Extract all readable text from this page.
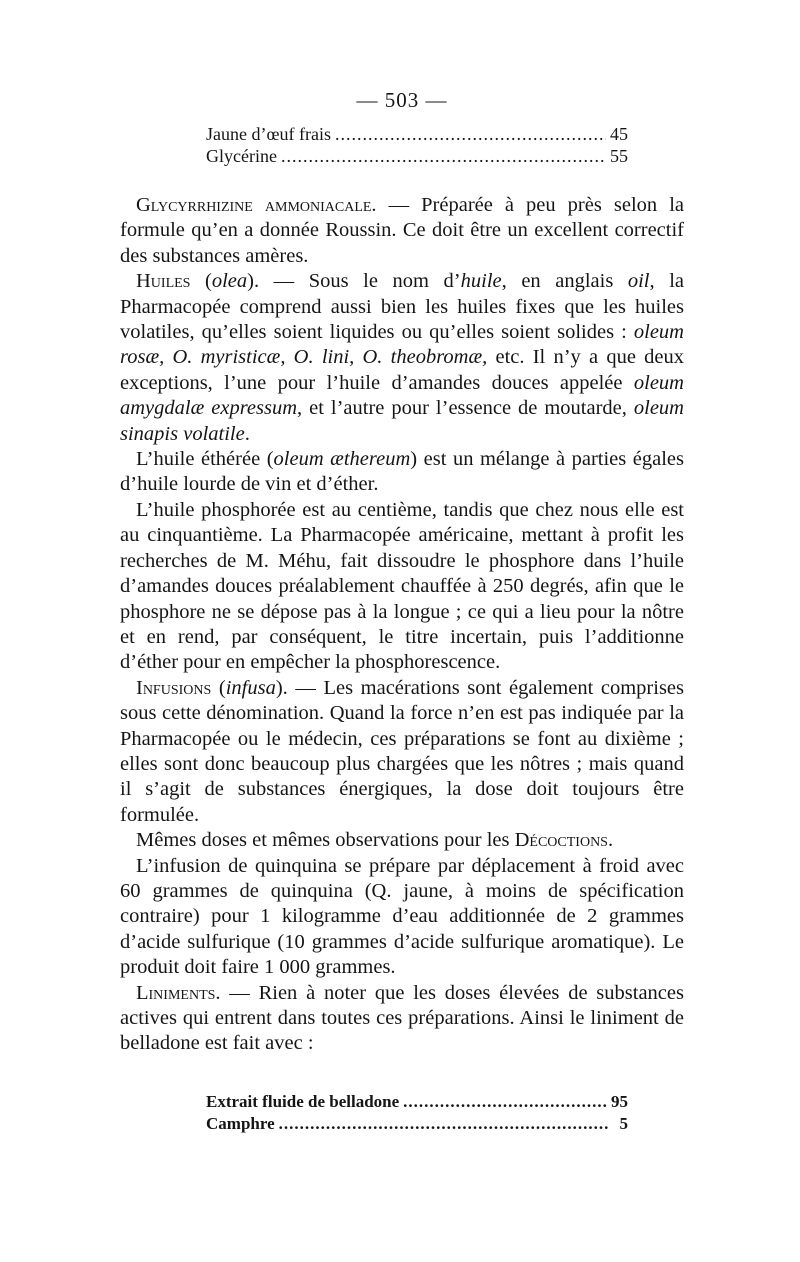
— 503 —
Jaune d’œuf frais .....	45
Glycérine .....	55

Glycyrrhizine ammoniacale. — Préparée à peu près selon la formule qu’en a donnée Roussin. Ce doit être un excellent correctif des substances amères.

Huiles (olea). — Sous le nom d’huile, en anglais oil, la Pharmacopée comprend aussi bien les huiles fixes que les huiles volatiles, qu’elles soient liquides ou qu’elles soient solides : oleum rosæ, O. myristicæ, O. lini, O. theobromæ, etc. Il n’y a que deux exceptions, l’une pour l’huile d’amandes douces appelée oleum amygdalæ expressum, et l’autre pour l’essence de moutarde, oleum sinapis volatile.

L’huile éthérée (oleum æthereum) est un mélange à parties égales d’huile lourde de vin et d’éther.

L’huile phosphorée est au centième, tandis que chez nous elle est au cinquantième. La Pharmacopée américaine, mettant à profit les recherches de M. Méhu, fait dissoudre le phosphore dans l’huile d’amandes douces préalablement chauffée à 250 degrés, afin que le phosphore ne se dépose pas à la longue ; ce qui a lieu pour la nôtre et en rend, par conséquent, le titre incertain, puis l’additionne d’éther pour en empêcher la phosphorescence.

Infusions (infusa). — Les macérations sont également comprises sous cette dénomination. Quand la force n’en est pas indiquée par la Pharmacopée ou le médecin, ces préparations se font au dixième ; elles sont donc beaucoup plus chargées que les nôtres ; mais quand il s’agit de substances énergiques, la dose doit toujours être formulée.

Mêmes doses et mêmes observations pour les Décoctions.

L’infusion de quinquina se prépare par déplacement à froid avec 60 grammes de quinquina (Q. jaune, à moins de spécification contraire) pour 1 kilogramme d’eau additionnée de 2 grammes d’acide sulfurique (10 grammes d’acide sulfurique aromatique). Le produit doit faire 1 000 grammes.

Liniments. — Rien à noter que les doses élevées de substances actives qui entrent dans toutes ces préparations. Ainsi le liniment de belladone est fait avec :

Extrait fluide de belladone .....	95
Camphre .....	5
